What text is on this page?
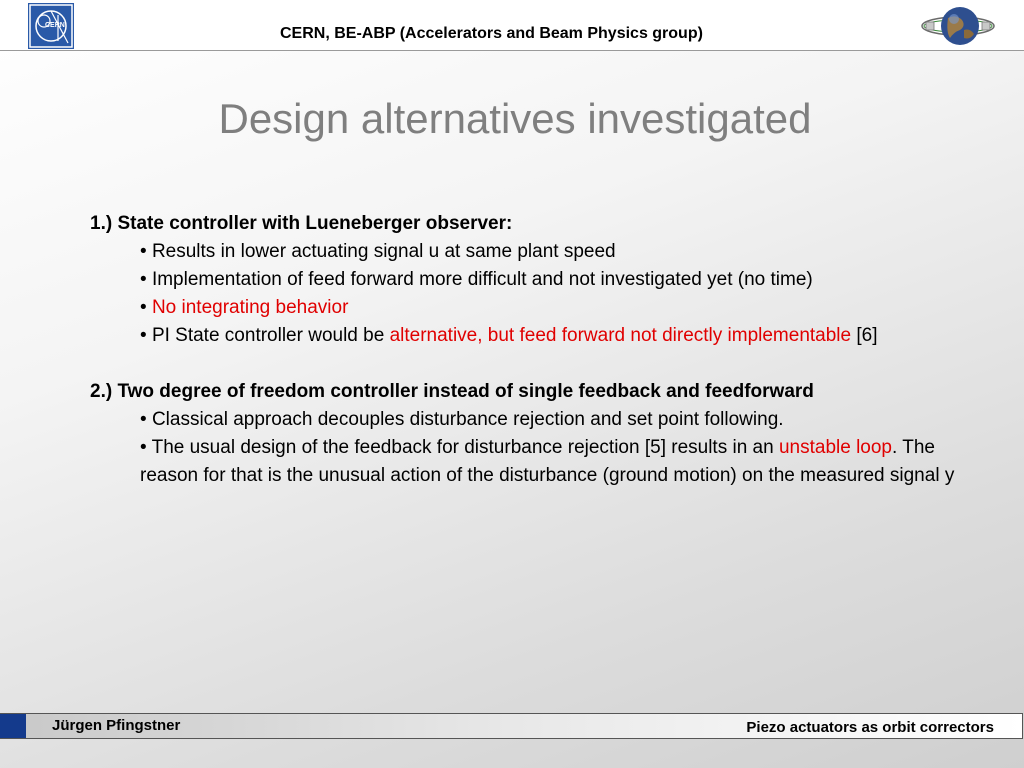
CERN	CERN, BE-ABP (Accelerators and Beam Physics group)
Design alternatives investigated
1.) State controller with Lueneberger observer:
• Results in lower actuating signal u at same plant speed
• Implementation of feed forward more difficult and not investigated yet (no time)
• No integrating behavior
• PI State controller would be alternative, but feed forward not directly implementable [6]
2.) Two degree of freedom controller instead of single feedback and feedforward
• Classical approach decouples disturbance rejection and set point following.
• The usual design of the feedback for disturbance rejection [5] results in an unstable loop. The reason for that is the unusual action of the disturbance (ground motion) on the measured signal y
Jürgen Pfingstner	Piezo actuators as orbit correctors
